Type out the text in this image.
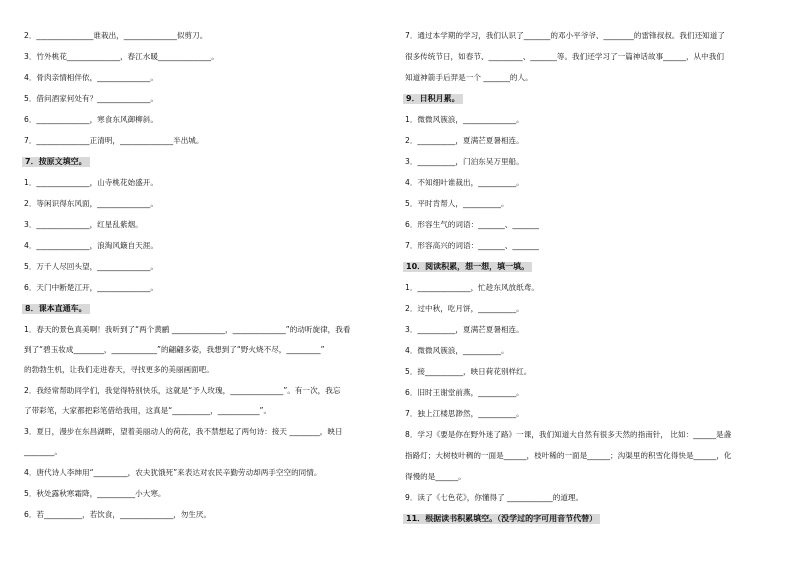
2．_______________谁栽出，______________似剪刀。
3．竹外桃花______________，春江水暖______________。
4．骨肉亲情相伴依，______________。
5．借问酒家何处有？______________。
6．______________，寒食东风御柳斜。
7．______________正清明，______________半出城。
7．按原文填空。
1．______________，山寺桃花始盛开。
2．等闲识得东风面，______________。
3．______________，红星乱紫烟。
4．______________，浪淘风簸自天涯。
5．万千人尽回头望，______________。
6．天门中断楚江开，______________。
8．课本直通车。
1．春天的景色真美啊！我听到了“两个黄鹂 ______________，______________”的动听旋律，我看
到了“碧玉妆成________，____________”的翩翩多姿，我想到了“野火烧不尽，_________”
的勃勃生机，让我们走进春天，寻找更多的美丽画面吧。
2．我经常帮助同学们，我觉得特别快乐，这就是“予人玫瑰，______________”。有一次，我忘
了带彩笔，大家都把彩笔借给我用，这真是“__________，___________”。
3．夏日，漫步在东昌湖畔，望着美丽动人的荷花，我不禁想起了两句诗：接天 ________，映日
________。
4．唐代诗人李绅用“_________，农夫犹饿死”来表达对农民辛勤劳动却两手空空的同情。
5．秋处露秋寒霜降，__________小大寒。
6．若__________，若饮食，______________，勿生厌。
7．通过本学期的学习，我们认识了_______的邓小平爷爷、________的雷锋叔叔。我们还知道了
很多传统节日，如春节、_________、_______等。我们还学习了一篇神话故事______，从中我们
知道神箭手后羿是一个 _______的人。
9．日积月累。
1．微微风簇浪，______________。
2．__________，夏满芒夏暑相连。
3．__________，门泊东吴万里船。
4．不知细叶谁裁出，__________。
5．平时肯帮人，__________。
6．形容生气的词语：_______、_______
7．形容高兴的词语：_______、_______
10．阅读积累，想一想，填一填。
1．______________，忙趁东风放纸鸢。
2．过中秋，吃月饼，__________。
3．__________，夏满芒夏暑相连。
4．微微风簇浪，__________。
5．接__________，映日荷花别样红。
6．旧时王谢堂前燕，__________。
7．独上江楼思渺然，__________。
8．学习《要是你在野外迷了路》一课，我们知道大自然有很多天然的指南针， 比如：______是盏
指路灯；大树枝叶稠的一面是______，枝叶稀的一面是______；沟渠里的积雪化得快是______，化
得慢的是______。
9．读了《七色花》，你懂得了 ____________的道理。
11．根据读书积累填空。（没学过的字可用音节代替）
